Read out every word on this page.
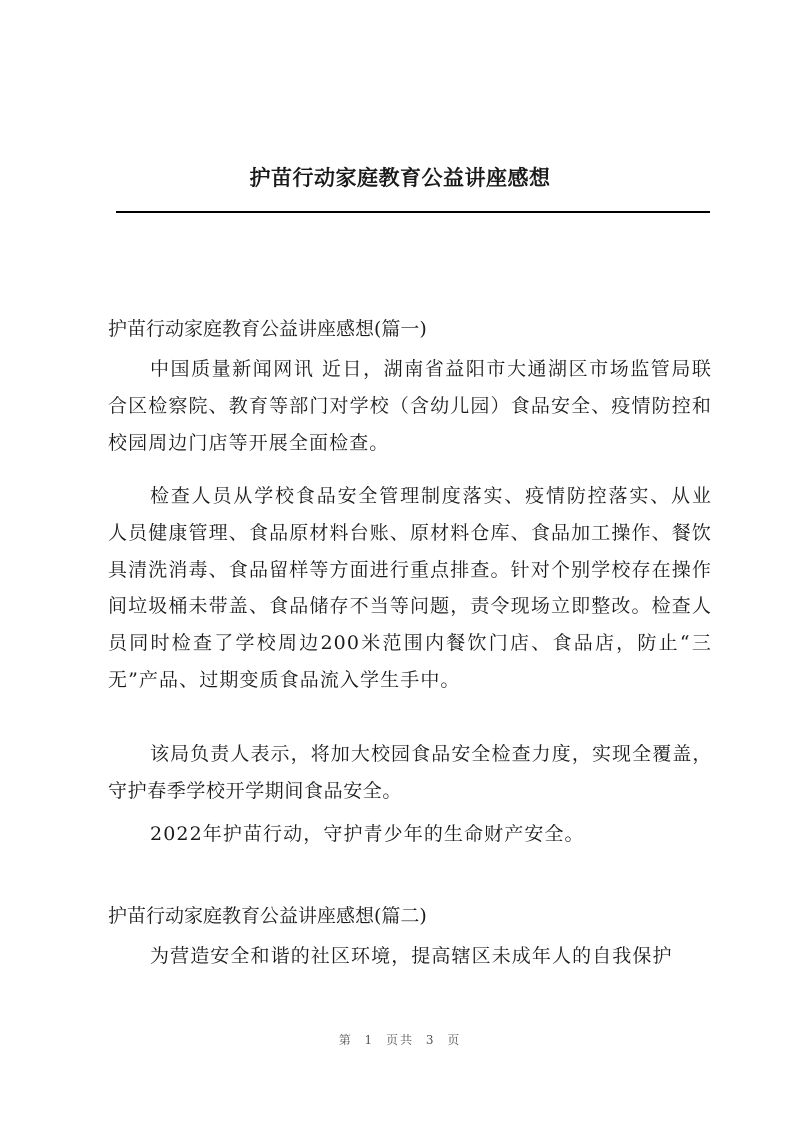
护苗行动家庭教育公益讲座感想
护苗行动家庭教育公益讲座感想(篇一)

中国质量新闻网讯 近日，湖南省益阳市大通湖区市场监管局联合区检察院、教育等部门对学校（含幼儿园）食品安全、疫情防控和校园周边门店等开展全面检查。

检查人员从学校食品安全管理制度落实、疫情防控落实、从业人员健康管理、食品原材料台账、原材料仓库、食品加工操作、餐饮具清洗消毒、食品留样等方面进行重点排查。针对个别学校存在操作间垃圾桶未带盖、食品储存不当等问题，责令现场立即整改。检查人员同时检查了学校周边200米范围内餐饮门店、食品店，防止“三无”产品、过期变质食品流入学生手中。

该局负责人表示，将加大校园食品安全检查力度，实现全覆盖，守护春季学校开学期间食品安全。

2022年护苗行动，守护青少年的生命财产安全。

护苗行动家庭教育公益讲座感想(篇二)

为营造安全和谐的社区环境，提高辖区未成年人的自我保护

第 1 页共 3 页
